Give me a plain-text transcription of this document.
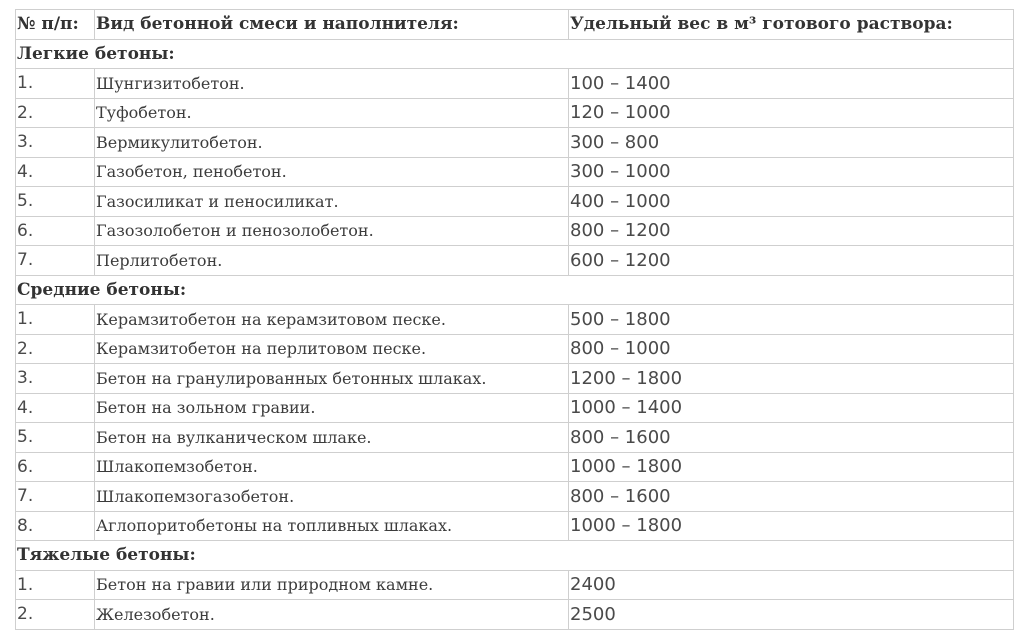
№ п/п:	Вид бетонной смеси и наполнителя:	Удельный вес в м³ готового раствора:
Легкие бетоны:		
1.	Шунгизитобетон.	100 – 1400
2.	Туфобетон.	120 – 1000
3.	Вермикулитобетон.	300 – 800
4.	Газобетон, пенобетон.	300 – 1000
5.	Газосиликат и пеносиликат.	400 – 1000
6.	Газозолобетон и пенозолобетон.	800 – 1200
7.	Перлитобетон.	600 – 1200
Средние бетоны:		
1.	Керамзитобетон на керамзитовом песке.	500 – 1800
2.	Керамзитобетон на перлитовом песке.	800 – 1000
3.	Бетон на гранулированных бетонных шлаках.	1200 – 1800
4.	Бетон на зольном гравии.	1000 – 1400
5.	Бетон на вулканическом шлаке.	800 – 1600
6.	Шлакопемзобетон.	1000 – 1800
7.	Шлакопемзогазобетон.	800 – 1600
8.	Аглопоритобетоны на топливных шлаках.	1000 – 1800
Тяжелые бетоны:		
1.	Бетон на гравии или природном камне.	2400
2.	Железобетон.	2500
